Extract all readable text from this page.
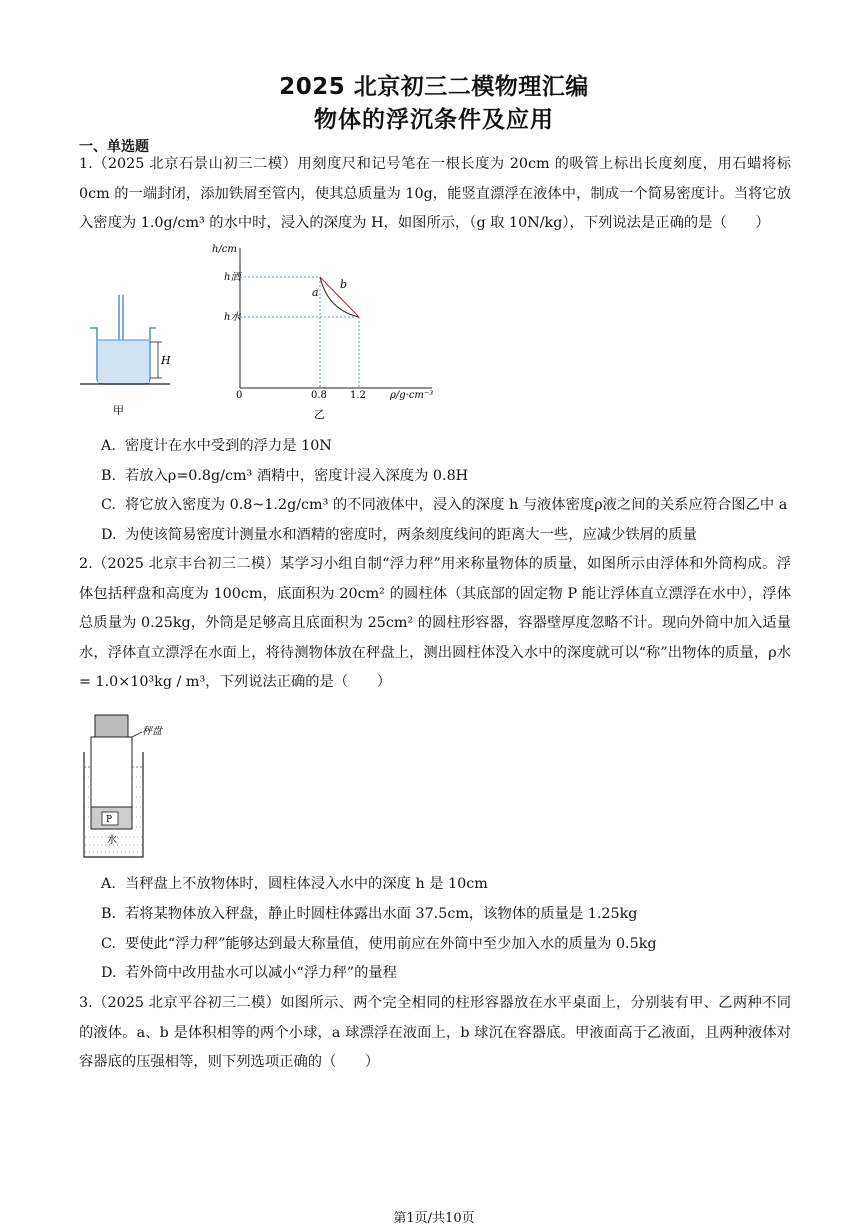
2025 北京初三二模物理汇编
物体的浮沉条件及应用
一、单选题
1.（2025 北京石景山初三二模）用刻度尺和记号笔在一根长度为 20cm 的吸管上标出长度刻度，用石蜡将标 0cm 的一端封闭，添加铁屑至管内，使其总质量为 10g，能竖直漂浮在液体中，制成一个简易密度计。当将它放入密度为 1.0g/cm³ 的水中时，浸入的深度为 H，如图所示，（g 取 10N/kg），下列说法是正确的是（　　）
H
甲
h/cm
ρ/g·cm⁻³
0
h酒
h水
a
b
0.8 1.2
乙
A. 密度计在水中受到的浮力是 10N
B. 若放入ρ=0.8g/cm³ 酒精中，密度计浸入深度为 0.8H
C. 将它放入密度为 0.8~1.2g/cm³ 的不同液体中，浸入的深度 h 与液体密度ρ液之间的关系应符合图乙中 a
D. 为使该简易密度计测量水和酒精的密度时，两条刻度线间的距离大一些，应减少铁屑的质量
2.（2025 北京丰台初三二模）某学习小组自制“浮力秤”用来称量物体的质量，如图所示由浮体和外筒构成。浮体包括秤盘和高度为 100cm，底面积为 20cm² 的圆柱体（其底部的固定物 P 能让浮体直立漂浮在水中），浮体总质量为 0.25kg，外筒是足够高且底面积为 25cm² 的圆柱形容器，容器壁厚度忽略不计。现向外筒中加入适量水，浮体直立漂浮在水面上，将待测物体放在秤盘上，测出圆柱体没入水中的深度就可以“称”出物体的质量，ρ水 = 1.0×10³kg / m³，下列说法正确的是（　　）
秤盘
P
水
A. 当秤盘上不放物体时，圆柱体浸入水中的深度 h 是 10cm
B. 若将某物体放入秤盘，静止时圆柱体露出水面 37.5cm，该物体的质量是 1.25kg
C. 要使此“浮力秤”能够达到最大称量值，使用前应在外筒中至少加入水的质量为 0.5kg
D. 若外筒中改用盐水可以减小“浮力秤”的量程
3.（2025 北京平谷初三二模）如图所示、两个完全相同的柱形容器放在水平桌面上，分别装有甲、乙两种不同的液体。a、b 是体积相等的两个小球，a 球漂浮在液面上，b 球沉在容器底。甲液面高于乙液面，且两种液体对容器底的压强相等，则下列选项正确的（　　）
第1页/共10页
